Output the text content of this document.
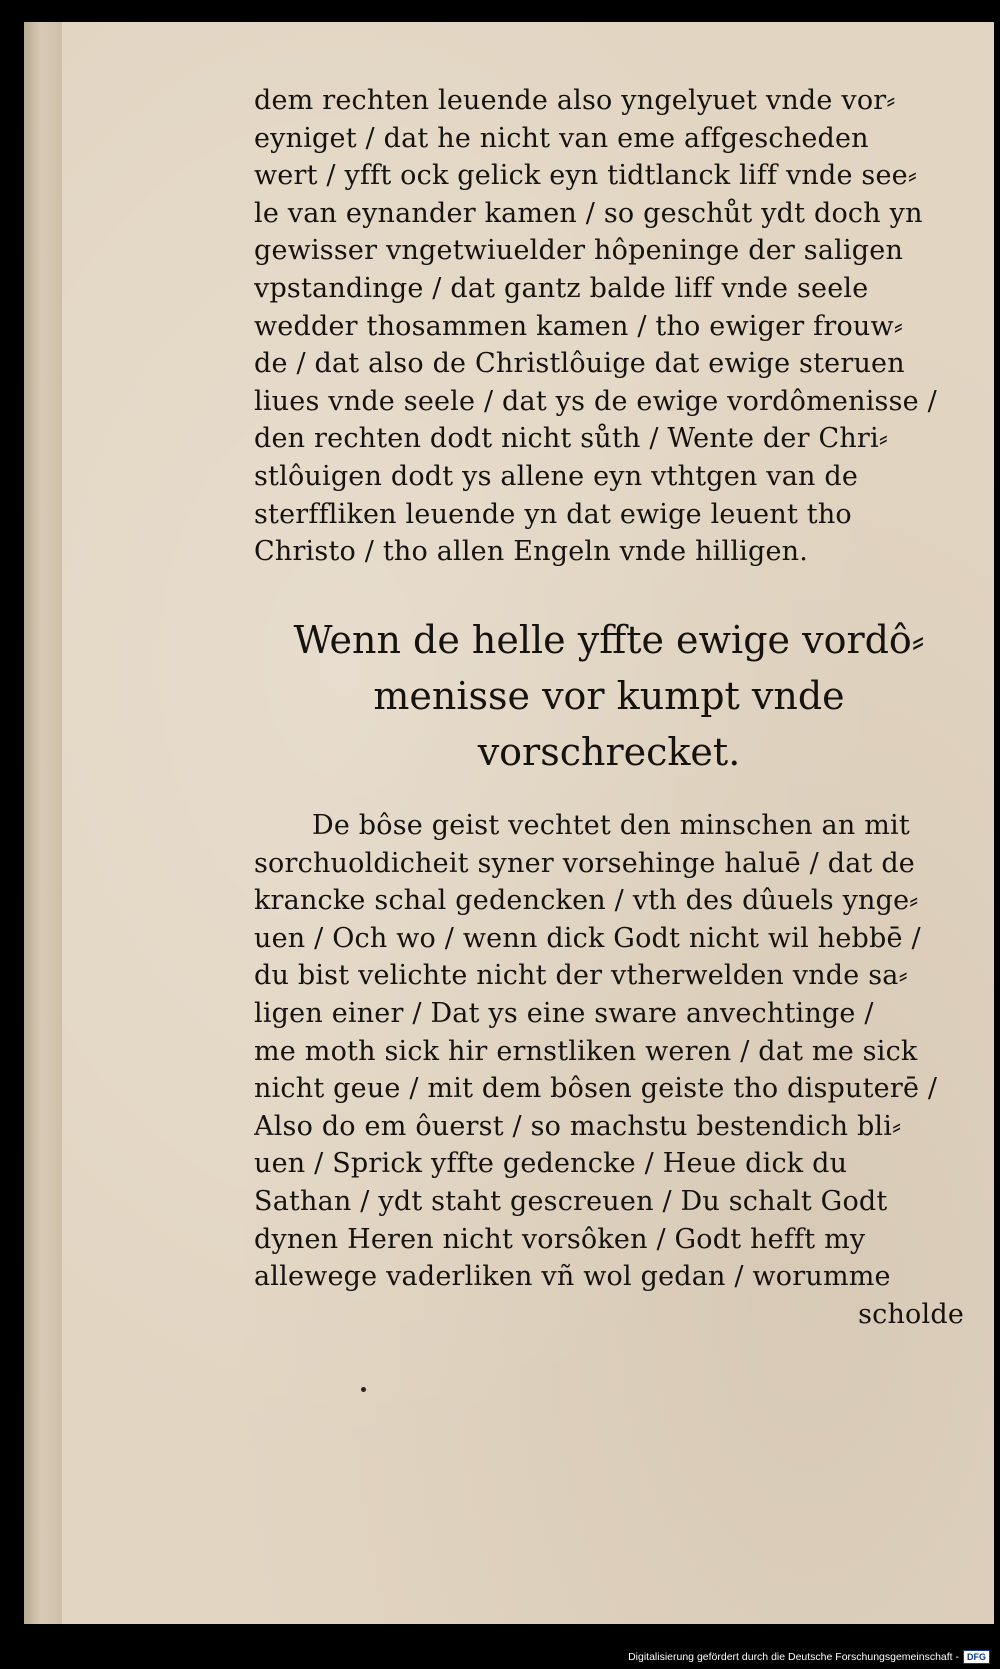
dem rechten leuende also yngelyuet vnde vor⸗
eyniget / dat he nicht van eme affgescheden
wert / yfft ock gelick eyn tidtlanck liff vnde see⸗
le van eynander kamen / so geschůt ydt doch yn
gewisser vngetwiuelder hôpeninge der saligen
vpstandinge / dat gantz balde liff vnde seele
wedder thosammen kamen / tho ewiger frouw⸗
de / dat also de Christlôuige dat ewige steruen
liues vnde seele / dat ys de ewige vordômenisse /
den rechten dodt nicht sůth / Wente der Chri⸗
stlôuigen dodt ys allene eyn vthtgen van de
sterffliken leuende yn dat ewige leuent tho
Christo / tho allen Engeln vnde hilligen.
Wenn de helle yffte ewige vordô⸗
menisse vor kumpt vnde
vorschrecket.
De bôse geist vechtet den minschen an mit
sorchuoldicheit syner vorsehinge haluē / dat de
krancke schal gedencken / vth des dûuels ynge⸗
uen / Och wo / wenn dick Godt nicht wil hebbē /
du bist velichte nicht der vtherwelden vnde sa⸗
ligen einer / Dat ys eine sware anvechtinge /
me moth sick hir ernstliken weren / dat me sick
nicht geue / mit dem bôsen geiste tho disputerē /
Also do em ôuerst / so machstu bestendich bli⸗
uen / Sprick yffte gedencke / Heue dick du
Sathan / ydt staht gescreuen / Du schalt Godt
dynen Heren nicht vorsôken / Godt hefft my
allewege vaderliken vñ wol gedan / worumme
scholde
Digitalisierung gefördert durch die Deutsche Forschungsgemeinschaft - DFG
